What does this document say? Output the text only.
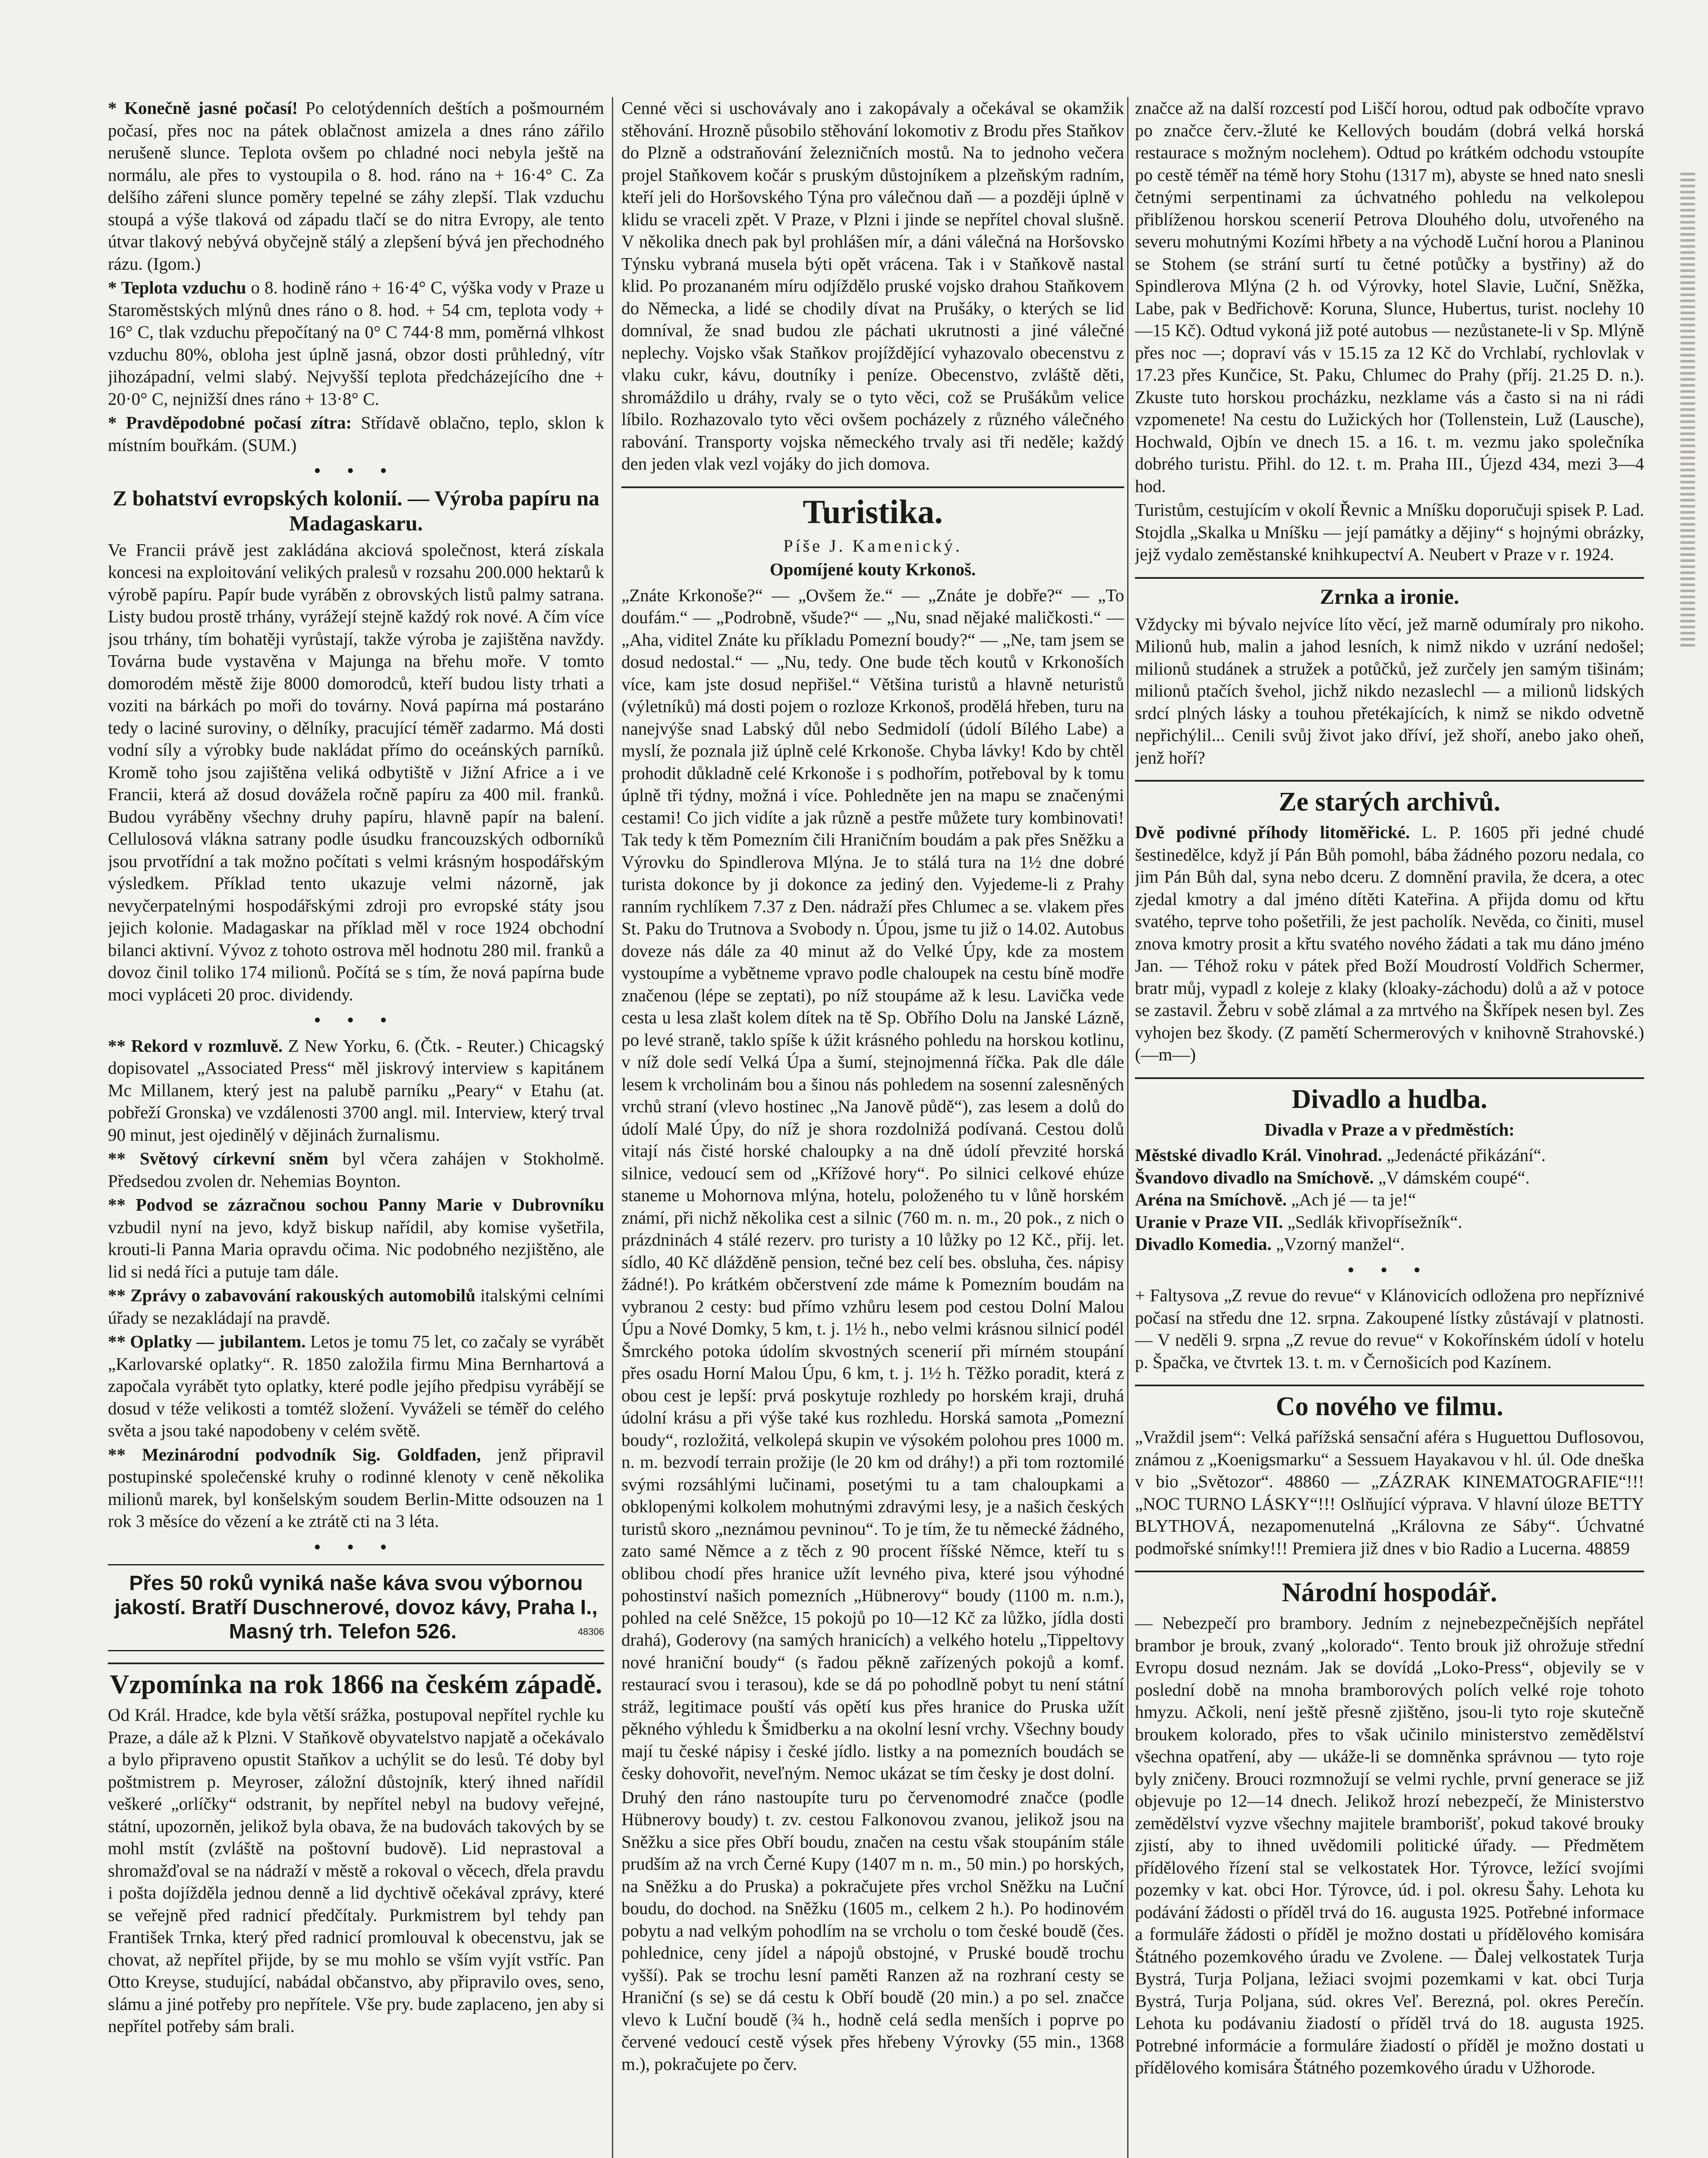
* Konečně jasné počasí! Po celotýdenních deštích a pošmourném počasí, přes noc na pátek oblačnost amizela a dnes ráno zářilo nerušeně slunce. Teplota ovšem po chladné noci nebyla ještě na normálu, ale přes to vystoupila o 8. hod. ráno na + 16·4° C. Za delšího zářeni slunce poměry tepelné se záhy zlepší. Tlak vzduchu stoupá a výše tlaková od západu tlačí se do nitra Evropy, ale tento útvar tlakový nebývá obyčejně stálý a zlepšení bývá jen přechodného rázu. (Igom.)

* Teplota vzduchu o 8. hodině ráno + 16·4° C, výška vody v Praze u Staroměstských mlýnů dnes ráno o 8. hod. + 54 cm, teplota vody + 16° C, tlak vzduchu přepočítaný na 0° C 744·8 mm, poměrná vlhkost vzduchu 80%, obloha jest úplně jasná, obzor dosti průhledný, vítr jihozápadní, velmi slabý. Nejvyšší teplota předcházejícího dne + 20·0° C, nejnižší dnes ráno + 13·8° C.

* Pravděpodobné počasí zítra: Střídavě oblačno, teplo, sklon k místním bouřkám. (SUM.)

• • •
Z bohatství evropských kolonií. — Výroba papíru na Madagaskaru.

Ve Francii právě jest zakládána akciová společnost, která získala koncesi na exploitování velikých pralesů v rozsahu 200.000 hektarů k výrobě papíru. Papír bude vyráběn z obrovských listů palmy satrana. Listy budou prostě trhány, vyrážejí stejně každý rok nové. A čím více jsou trhány, tím bohatěji vyrůstají, takže výroba je zajištěna navždy. Továrna bude vystavěna v Majunga na břehu moře. V tomto domorodém městě žije 8000 domorodců, kteří budou listy trhati a voziti na bárkách po moři do továrny. Nová papírna má postaráno tedy o laciné suroviny, o dělníky, pracující téměř zadarmo. Má dosti vodní síly a výrobky bude nakládat přímo do oceánských parníků. Kromě toho jsou zajištěna veliká odbytiště v Jižní Africe a i ve Francii, která až dosud dovážela ročně papíru za 400 mil. franků. Budou vyráběny všechny druhy papíru, hlavně papír na balení. Cellulosová vlákna satrany podle úsudku francouzských odborníků jsou prvotřídní a tak možno počítati s velmi krásným hospodářským výsledkem. Příklad tento ukazuje velmi názorně, jak nevyčerpatelnými hospodářskými zdroji pro evropské státy jsou jejich kolonie. Madagaskar na příklad měl v roce 1924 obchodní bilanci aktivní. Vývoz z tohoto ostrova měl hodnotu 280 mil. franků a dovoz činil toliko 174 milionů. Počítá se s tím, že nová papírna bude moci vypláceti 20 proc. dividendy.

• • •

** Rekord v rozmluvě. Z New Yorku, 6. (Čtk. - Reuter.) Chicagský dopisovatel „Associated Press“ měl jiskrový interview s kapitánem Mc Millanem, který jest na palubě parníku „Peary“ v Etahu (at. pobřeží Gronska) ve vzdálenosti 3700 angl. mil. Interview, který trval 90 minut, jest ojedinělý v dějinách žurnalismu.

** Světový církevní sněm byl včera zahájen v Stokholmě. Předsedou zvolen dr. Nehemias Boynton.

** Podvod se zázračnou sochou Panny Marie v Dubrovníku vzbudil nyní na jevo, když biskup nařídil, aby komise vyšetřila, krouti-li Panna Maria opravdu očima. Nic podobného nezjištěno, ale lid si nedá říci a putuje tam dále.

** Zprávy o zabavování rakouských automobilů italskými celními úřady se nezakládají na pravdě.

** Oplatky — jubilantem. Letos je tomu 75 let, co začaly se vyrábět „Karlovarské oplatky“. R. 1850 založila firmu Mina Bernhartová a započala vyrábět tyto oplatky, které podle jejího předpisu vyrábějí se dosud v téže velikosti a tomtéž složení. Vyváželi se téměř do celého světa a jsou také napodobeny v celém světě.

** Mezinárodní podvodník Sig. Goldfaden, jenž připravil postupinské společenské kruhy o rodinné klenoty v ceně několika milionů marek, byl konšelským soudem Berlin-Mitte odsouzen na 1 rok 3 měsíce do vězení a ke ztrátě cti na 3 léta.

• • •
Přes 50 roků vyniká naše káva svou výbornou jakostí. Bratří Duschnerové, dovoz kávy, Praha I., Masný trh. Telefon 526.	48306
Vzpomínka na rok 1866 na českém západě.

Od Král. Hradce, kde byla větší srážka, postupoval nepřítel rychle ku Praze, a dále až k Plzni. V Staňkově obyvatelstvo napjatě a očekávalo a bylo připraveno opustit Staňkov a uchýlit se do lesů. Té doby byl poštmistrem p. Meyroser, záložní důstojník, který ihned nařídil veškeré „orlíčky“ odstranit, by nepřítel nebyl na budovy veřejné, státní, upozorněn, jelikož byla obava, že na budovách takových by se mohl mstít (zvláště na poštovní budově). Lid neprastoval a shromažďoval se na nádraží v městě a rokoval o věcech, dřela pravdu i pošta dojížděla jednou denně a lid dychtivě očekával zprávy, které se veřejně před radnicí předčítaly. Purkmistrem byl tehdy pan František Trnka, který před radnicí promlouval k obecenstvu, jak se chovat, až nepřítel přijde, by se mu mohlo se vším vyjít vstříc. Pan Otto Kreyse, studující, nabádal občanstvo, aby připravilo oves, seno, slámu a jiné potřeby pro nepřítele. Vše pry. bude zaplaceno, jen aby si nepřítel potřeby sám brali.

Cenné věci si uschovávaly ano i zakopávaly a očekával se okamžik stěhování. Hrozně působilo stěhování lokomotiv z Brodu přes Staňkov do Plzně a odstraňování železničních mostů. Na to jednoho večera projel Staňkovem kočár s pruským důstojníkem a plzeňským radním, kteří jeli do Horšovského Týna pro válečnou daň — a později úplně v klidu se vraceli zpět. V Praze, v Plzni i jinde se nepřítel choval slušně. V několika dnech pak byl prohlášen mír, a dáni válečná na Horšovsko Týnsku vybraná musela býti opět vrácena. Tak i v Staňkově nastal klid. Po prozananém míru odjíždělo pruské vojsko drahou Staňkovem do Německa, a lidé se chodily dívat na Prušáky, o kterých se lid domníval, že snad budou zle páchati ukrutnosti a jiné válečné neplechy. Vojsko však Staňkov projíždějící vyhazovalo obecenstvu z vlaku cukr, kávu, doutníky i peníze. Obecenstvo, zvláště děti, shromáždilo u dráhy, rvaly se o tyto věci, což se Prušákům velice líbilo. Rozhazovalo tyto věci ovšem pocházely z různého válečného rabování. Transporty vojska německého trvaly asi tři neděle; každý den jeden vlak vezl vojáky do jich domova.

Turistika.
Píše J. Kamenický.
Opomíjené kouty Krkonoš.

„Znáte Krkonoše?“ — „Ovšem že.“ — „Znáte je dobře?“ — „To doufám.“ — „Podrobně, všude?“ — „Nu, snad nějaké maličkosti.“ — „Aha, viditel Znáte ku příkladu Pomezní boudy?“ — „Ne, tam jsem se dosud nedostal.“ — „Nu, tedy. One bude těch koutů v Krkonoších více, kam jste dosud nepřišel.“ Většina turistů a hlavně neturistů (výletníků) má dosti pojem o rozloze Krkonoš, prodělá hřeben, turu na nanejvýše snad Labský důl nebo Sedmidolí (údolí Bílého Labe) a myslí, že poznala již úplně celé Krkonoše. Chyba lávky! Kdo by chtěl prohodit důkladně celé Krkonoše i s podhořím, potřeboval by k tomu úplně tři týdny, možná i více. Pohledněte jen na mapu se značenými cestami! Co jich vidíte a jak různě a pestře můžete tury kombinovati! Tak tedy k těm Pomezním čili Hraničním boudám a pak přes Sněžku a Výrovku do Spindlerova Mlýna. Je to stálá tura na 1½ dne dobré turista dokonce by ji dokonce za jediný den. Vyjedeme-li z Prahy ranním rychlíkem 7.37 z Den. nádraží přes Chlumec a se. vlakem přes St. Paku do Trutnova a Svobody n. Úpou, jsme tu již o 14.02. Autobus doveze nás dále za 40 minut až do Velké Úpy, kde za mostem vystoupíme a vybětneme vpravo podle chaloupek na cestu bíně modře značenou (lépe se zeptati), po níž stoupáme až k lesu. Lavička vede cesta u lesa zlašt kolem dítek na tě Sp. Obřího Dolu na Janské Lázně, po levé straně, taklo spíše k úžit krásného pohledu na horskou kotlinu, v níž dole sedí Velká Úpa a šumí, stejnojmenná říčka. Pak dle dále lesem k vrcholinám bou a šinou nás pohledem na sosenní zalesněných vrchů straní (vlevo hostinec „Na Janově půdě“), zas lesem a dolů do údolí Malé Úpy, do níž je shora rozdolnižá podívaná. Cestou dolů vitají nás čisté horské chaloupky a na dně údolí převzité horská silnice, vedoucí sem od „Křížové hory“. Po silnici celkové ehúze staneme u Mohornova mlýna, hotelu, položeného tu v lůně horském známí, při nichž několika cest a silnic (760 m. n. m., 20 pok., z nich o prázdninách 4 stálé rezerv. pro turisty a 10 lůžky po 12 Kč., přij. let. sídlo, 40 Kč dlážděně pension, tečné bez celí bes. obsluha, čes. nápisy žádné!). Po krátkém občerstvení zde máme k Pomezním boudám na vybranou 2 cesty: bud přímo vzhůru lesem pod cestou Dolní Malou Úpu a Nové Domky, 5 km, t. j. 1½ h., nebo velmi krásnou silnicí podél Šmrckého potoka údolím skvostných scenerií při mírném stoupání přes osadu Horní Malou Úpu, 6 km, t. j. 1½ h. Těžko poradit, která z obou cest je lepší: prvá poskytuje rozhledy po horském kraji, druhá údolní krásu a při výše také kus rozhledu. Horská samota „Pomezní boudy“, rozložitá, velkolepá skupin ve výsokém polohou pres 1000 m. n. m. bezvodí terrain prožije (le 20 km od dráhy!) a při tom roztomilé svými rozsáhlými lučinami, posetými tu a tam chaloupkami a obklopenými kolkolem mohutnými zdravými lesy, je a našich českých turistů skoro „neznámou pevninou“. To je tím, že tu německé žádného, zato samé Němce a z těch z 90 procent říšské Němce, kteří tu s oblibou chodí přes hranice užít levného piva, které jsou výhodné pohostinství našich pomezních „Hübnerovy“ boudy (1100 m. n.m.), pohled na celé Sněžce, 15 pokojů po 10—12 Kč za lůžko, jídla dosti drahá), Goderovy (na samých hranicích) a velkého hotelu „Tippeltovy nové hraniční boudy“ (s řadou pěkně zařízených pokojů a komf. restaurací svou i terasou), kde se dá po pohodlně pobyt tu není státní stráž, legitimace pouští vás opětí kus přes hranice do Pruska užít pěkného výhledu k Šmidberku a na okolní lesní vrchy. Všechny boudy mají tu české nápisy i české jídlo. listky a na pomezních boudách se česky dohovořit, neveľným. Nemoc ukázat se tím česky je dost dolní.

Druhý den ráno nastoupíte turu po červenomodré značce (podle Hübnerovy boudy) t. zv. cestou Falkonovou zvanou, jelikož jsou na Sněžku a sice přes Obří boudu, značen na cestu však stoupáním stále prudším až na vrch Černé Kupy (1407 m n. m., 50 min.) po horských, na Sněžku a do Pruska) a pokračujete přes vrchol Sněžku na Luční boudu, do dochod. na Sněžku (1605 m., celkem 2 h.). Po hodinovém pobytu a nad velkým pohodlím na se vrcholu o tom české boudě (čes. pohlednice, ceny jídel a nápojů obstojné, v Pruské boudě trochu vyšší). Pak se trochu lesní paměti Ranzen až na rozhraní cesty se Hraniční (s se) se dá cestu k Obří boudě (20 min.) a po sel. značce vlevo k Luční boudě (¾ h., hodně celá sedla menších i poprve po červené vedoucí cestě výsek přes hřebeny Výrovky (55 min., 1368 m.), pokračujete po červ.

značce až na další rozcestí pod Liščí horou, odtud pak odbočíte vpravo po značce červ.-žluté ke Kellových boudám (dobrá velká horská restaurace s možným noclehem). Odtud po krátkém odchodu vstoupíte po cestě téměř na témě hory Stohu (1317 m), abyste se hned nato snesli četnými serpentinami za úchvatného pohledu na velkolepou přiblíženou horskou scenerií Petrova Dlouhého dolu, utvořeného na severu mohutnými Kozími hřbety a na východě Luční horou a Planinou se Stohem (se strání surtí tu četné potůčky a bystřiny) až do Spindlerova Mlýna (2 h. od Výrovky, hotel Slavie, Luční, Sněžka, Labe, pak v Bedřichově: Koruna, Slunce, Hubertus, turist. noclehy 10—15 Kč). Odtud vykoná již poté autobus — nezůstanete-li v Sp. Mlýně přes noc —; dopraví vás v 15.15 za 12 Kč do Vrchlabí, rychlovlak v 17.23 přes Kunčice, St. Paku, Chlumec do Prahy (příj. 21.25 D. n.). Zkuste tuto horskou procházku, nezklame vás a často si na ni rádi vzpomenete! Na cestu do Lužických hor (Tollenstein, Luž (Lausche), Hochwald, Ojbín ve dnech 15. a 16. t. m. vezmu jako společníka dobrého turistu. Přihl. do 12. t. m. Praha III., Újezd 434, mezi 3—4 hod.

Turistům, cestujícím v okolí Řevnic a Mníšku doporučuji spisek P. Lad. Stojdla „Skalka u Mníšku — její památky a dějiny“ s hojnými obrázky, jejž vydalo zeměstanské knihkupectví A. Neubert v Praze v r. 1924.

Zrnka a ironie.

Vždycky mi bývalo nejvíce líto věcí, jež marně odumíraly pro nikoho. Milionů hub, malin a jahod lesních, k nimž nikdo v uzrání nedošel; milionů studánek a stružek a potůčků, jež zurčely jen samým tišinám; milionů ptačích švehol, jichž nikdo nezaslechl — a milionů lidských srdcí plných lásky a touhou přetékajících, k nimž se nikdo odvetně nepřichýlil... Cenili svůj život jako dříví, jež shoří, anebo jako oheň, jenž hoří?

Ze starých archivů.

Dvě podivné příhody litoměřické. L. P. 1605 při jedné chudé šestinedělce, když jí Pán Bůh pomohl, bába žádného pozoru nedala, co jim Pán Bůh dal, syna nebo dceru. Z domnění pravila, že dcera, a otec zjedal kmotry a dal jméno dítěti Kateřina. A přijda domu od křtu svatého, teprve toho pošetřili, že jest pacholík. Nevěda, co činiti, musel znova kmotry prosit a křtu svatého nového žádati a tak mu dáno jméno Jan. — Téhož roku v pátek před Boží Moudrostí Voldřich Schermer, bratr můj, vypadl z koleje z klaky (kloaky-záchodu) dolů a až v potoce se zastavil. Žebru v sobě zlámal a za mrtvého na Škřípek nesen byl. Zes vyhojen bez škody. (Z pamětí Schermerových v knihovně Strahovské.) (—m—)

Divadlo a hudba.
Divadla v Praze a v předměstích:

Městské divadlo Král. Vinohrad. „Jedenácté přikázání“.

Švandovo divadlo na Smíchově. „V dámském coupé“.

Aréna na Smíchově. „Ach jé — ta je!“

Uranie v Praze VII. „Sedlák křivopřísežník“.

Divadlo Komedia. „Vzorný manžel“.

• • •

+ Faltysova „Z revue do revue“ v Klánovicích odložena pro nepříznivé počasí na středu dne 12. srpna. Zakoupené lístky zůstávají v platnosti. — V neděli 9. srpna „Z revue do revue“ v Kokořínském údolí v hotelu p. Špačka, ve čtvrtek 13. t. m. v Černošicích pod Kazínem.

Co nového ve filmu.

„Vraždil jsem“: Velká pařížská sensační aféra s Huguettou Duflosovou, známou z „Koenigsmarku“ a Sessuem Hayakavou v hl. úl. Ode dneška v bio „Světozor“. 48860 — „ZÁZRAK KINEMATOGRAFIE“!!! „NOC TURNO LÁSKY“!!! Oslňující výprava. V hlavní úloze BETTY BLYTHOVÁ, nezapomenutelná „Královna ze Sáby“. Úchvatné podmořské snímky!!! Premiera již dnes v bio Radio a Lucerna. 48859

Národní hospodář.

— Nebezpečí pro brambory. Jedním z nejnebezpečnějších nepřátel brambor je brouk, zvaný „kolorado“. Tento brouk již ohrožuje střední Evropu dosud neznám. Jak se dovídá „Loko-Press“, objevily se v poslední době na mnoha bramborových polích velké roje tohoto hmyzu. Ačkoli, není ještě přesně zjištěno, jsou-li tyto roje skutečně broukem kolorado, přes to však učinilo ministerstvo zemědělství všechna opatření, aby — ukáže-li se domněnka správnou — tyto roje byly zničeny. Brouci rozmnožují se velmi rychle, první generace se již objevuje po 12—14 dnech. Jelikož hrozí nebezpečí, že Ministerstvo zemědělství vyzve všechny majitele bramborišť, pokud takové brouky zjistí, aby to ihned uvědomili politické úřady. — Předmětem přídělového řízení stal se velkostatek Hor. Týrovce, ležící svojími pozemky v kat. obci Hor. Týrovce, úd. i pol. okresu Šahy. Lehota ku podávání žádosti o příděl trvá do 16. augusta 1925. Potřebné informace a formuláře žádosti o příděl je možno dostati u přídělového komisára Štátného pozemkového úradu ve Zvolene. — Ďalej velkostatek Turja Bystrá, Turja Poljana, ležiaci svojmi pozemkami v kat. obci Turja Bystrá, Turja Poljana, súd. okres Veľ. Berezná, pol. okres Perečín. Lehota ku podávaniu žiadostí o příděl trvá do 18. augusta 1925. Potrebné informácie a formuláre žiadostí o příděl je možno dostati u přídělového komisára Štátného pozemkového úradu v Užhorode.
